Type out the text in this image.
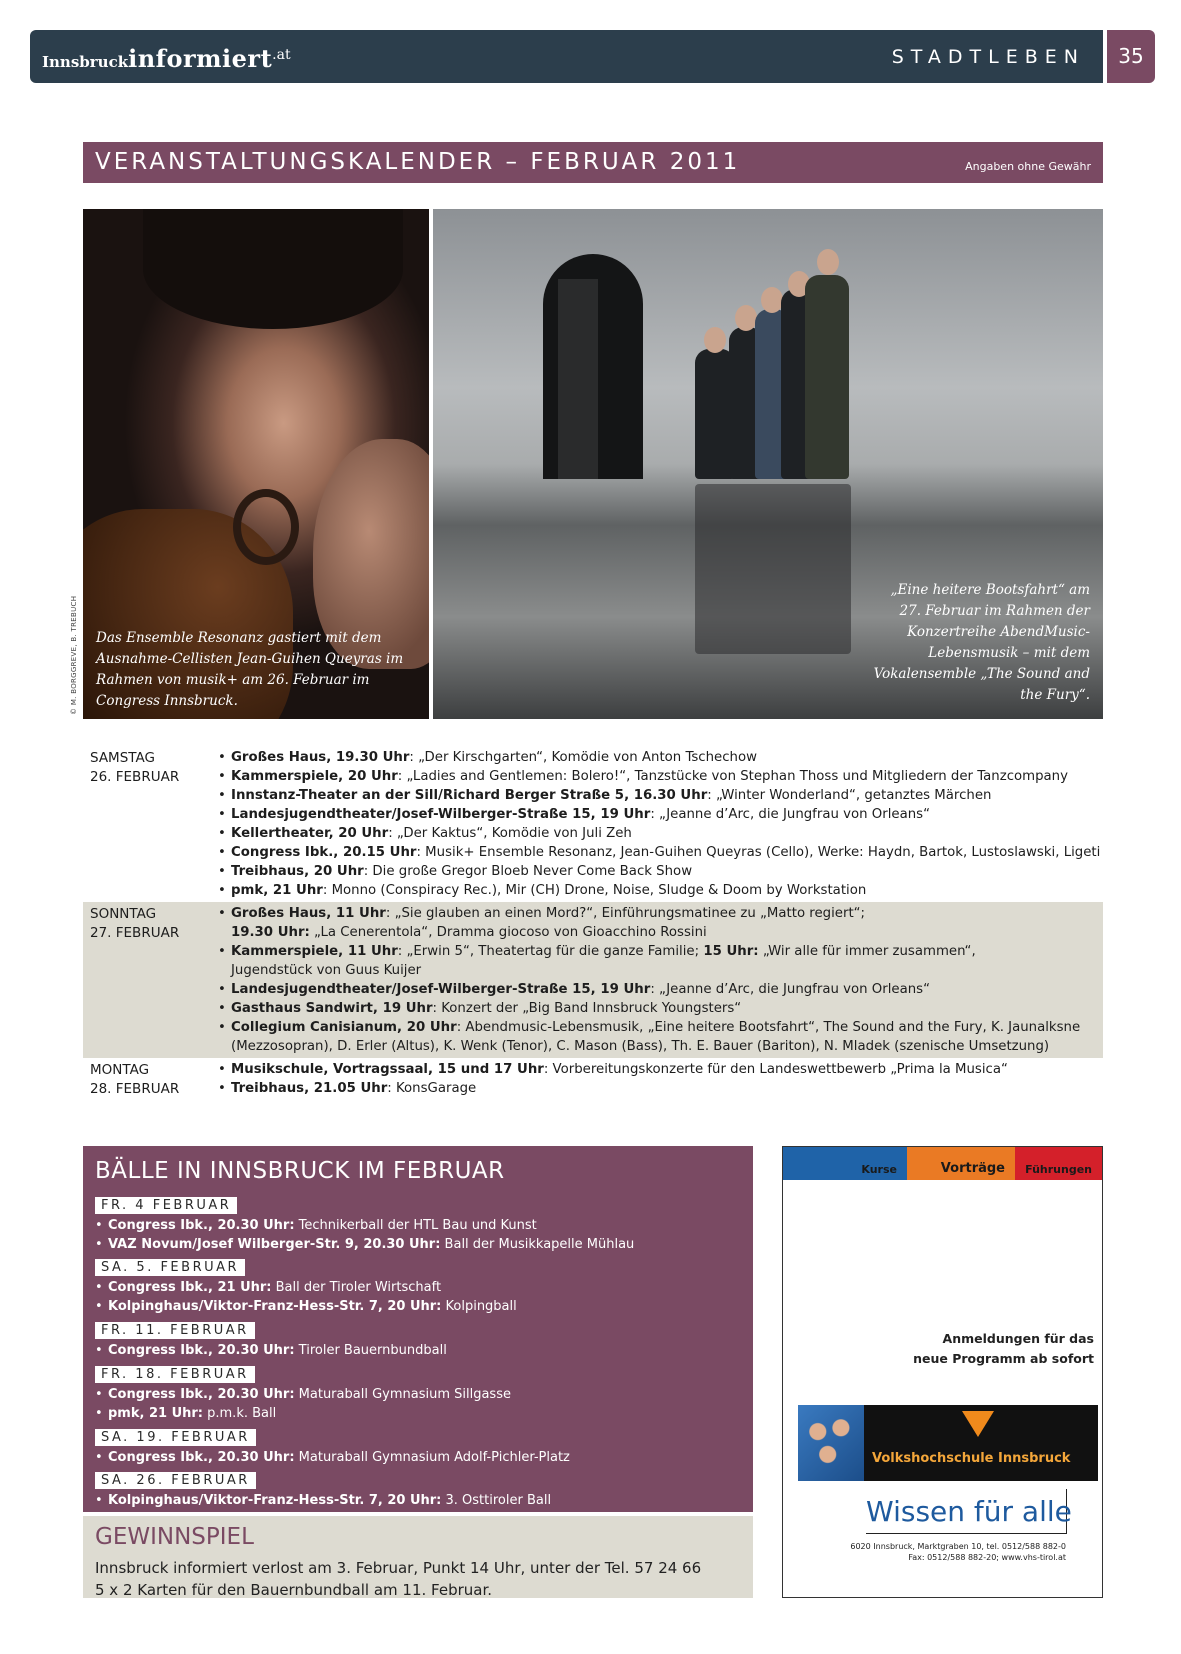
Innsbruckinformiert.at	STADTLEBEN	35
VERANSTALTUNGSKALENDER – FEBRUAR 2011	Angaben ohne Gewähr
© M. BORGGREVE, B. TREBUCH Das Ensemble Resonanz gastiert mit dem Ausnahme-Cellisten Jean-Guihen Queyras im Rahmen von musik+ am 26. Februar im Congress Innsbruck.
„Eine heitere Bootsfahrt“ am 27. Februar im Rahmen der Konzertreihe AbendMusic-Lebensmusik – mit dem Vokalensemble „The Sound and the Fury“.
SAMSTAG
26. FEBRUAR
• Großes Haus, 19.30 Uhr: „Der Kirschgarten“, Komödie von Anton Tschechow
• Kammerspiele, 20 Uhr: „Ladies and Gentlemen: Bolero!“, Tanzstücke von Stephan Thoss und Mitgliedern der Tanzcompany
• Innstanz-Theater an der Sill/Richard Berger Straße 5, 16.30 Uhr: „Winter Wonderland“, getanztes Märchen
• Landesjugendtheater/Josef-Wilberger-Straße 15, 19 Uhr: „Jeanne d’Arc, die Jungfrau von Orleans“
• Kellertheater, 20 Uhr: „Der Kaktus“, Komödie von Juli Zeh
• Congress Ibk., 20.15 Uhr: Musik+ Ensemble Resonanz, Jean-Guihen Queyras (Cello), Werke: Haydn, Bartok, Lustoslawski, Ligeti
• Treibhaus, 20 Uhr: Die große Gregor Bloeb Never Come Back Show
• pmk, 21 Uhr: Monno (Conspiracy Rec.), Mir (CH) Drone, Noise, Sludge & Doom by Workstation
SONNTAG
27. FEBRUAR
• Großes Haus, 11 Uhr: „Sie glauben an einen Mord?“, Einführungsmatinee zu „Matto regiert“;
19.30 Uhr: „La Cenerentola“, Dramma giocoso von Gioacchino Rossini
• Kammerspiele, 11 Uhr: „Erwin 5“, Theatertag für die ganze Familie; 15 Uhr: „Wir alle für immer zusammen“,
Jugendstück von Guus Kuijer
• Landesjugendtheater/Josef-Wilberger-Straße 15, 19 Uhr: „Jeanne d’Arc, die Jungfrau von Orleans“
• Gasthaus Sandwirt, 19 Uhr: Konzert der „Big Band Innsbruck Youngsters“
• Collegium Canisianum, 20 Uhr: Abendmusic-Lebensmusik, „Eine heitere Bootsfahrt“, The Sound and the Fury, K. Jaunalksne
(Mezzosopran), D. Erler (Altus), K. Wenk (Tenor), C. Mason (Bass), Th. E. Bauer (Bariton), N. Mladek (szenische Umsetzung)
MONTAG
28. FEBRUAR
• Musikschule, Vortragssaal, 15 und 17 Uhr: Vorbereitungskonzerte für den Landeswettbewerb „Prima la Musica“
• Treibhaus, 21.05 Uhr: KonsGarage
BÄLLE IN INNSBRUCK IM FEBRUAR
FR. 4 FEBRUAR
• Congress Ibk., 20.30 Uhr: Technikerball der HTL Bau und Kunst
• VAZ Novum/Josef Wilberger-Str. 9, 20.30 Uhr: Ball der Musikkapelle Mühlau
SA. 5. FEBRUAR
• Congress Ibk., 21 Uhr: Ball der Tiroler Wirtschaft
• Kolpinghaus/Viktor-Franz-Hess-Str. 7, 20 Uhr: Kolpingball
FR. 11. FEBRUAR
• Congress Ibk., 20.30 Uhr: Tiroler Bauernbundball
FR. 18. FEBRUAR
• Congress Ibk., 20.30 Uhr: Maturaball Gymnasium Sillgasse
• pmk, 21 Uhr: p.m.k. Ball
SA. 19. FEBRUAR
• Congress Ibk., 20.30 Uhr: Maturaball Gymnasium Adolf-Pichler-Platz
SA. 26. FEBRUAR
• Kolpinghaus/Viktor-Franz-Hess-Str. 7, 20 Uhr: 3. Osttiroler Ball
GEWINNSPIEL

Innsbruck informiert verlost am 3. Februar, Punkt 14 Uhr, unter der Tel. 57 24 66
5 x 2 Karten für den Bauernbundball am 11. Februar.

Kurse	Vorträge Führungen
Anmeldungen für das
neue Programm ab sofort
Volkshochschule Innsbruck
Wissen für alle
6020 Innsbruck, Marktgraben 10, tel. 0512/588 882-0
Fax: 0512/588 882-20; www.vhs-tirol.at
